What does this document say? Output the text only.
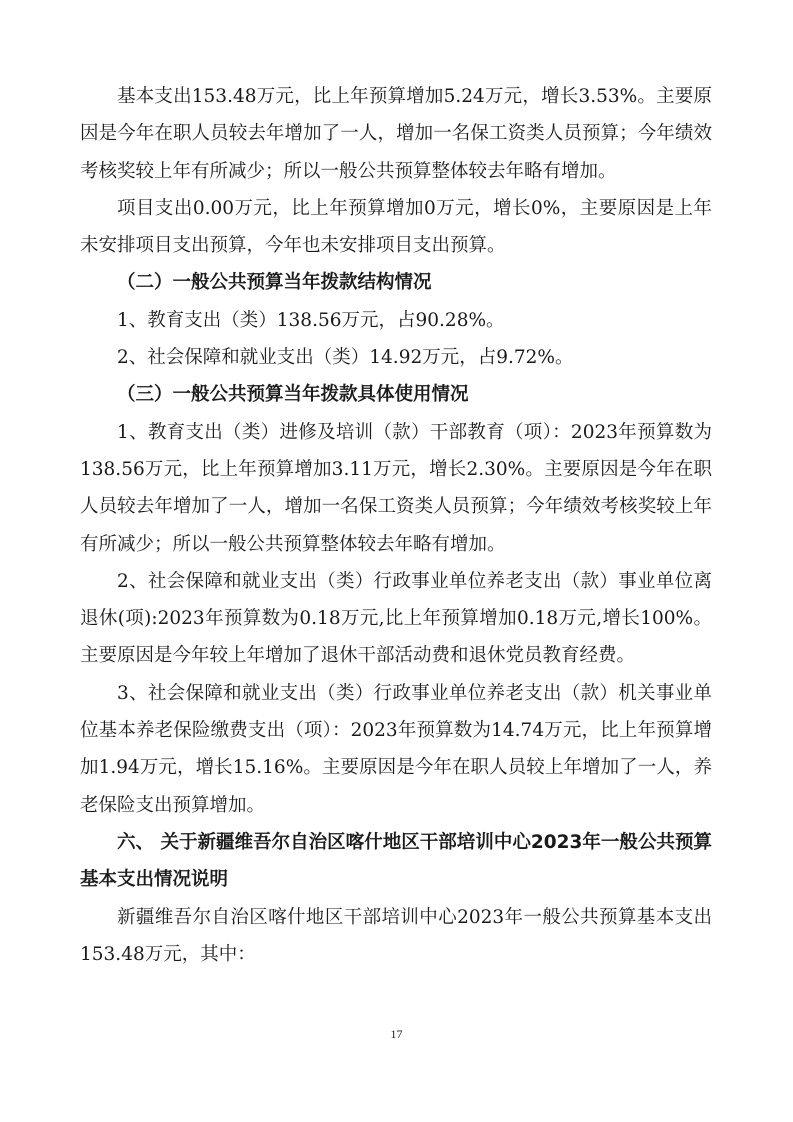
基本支出153.48万元，比上年预算增加5.24万元，增长3.53%。主要原因是今年在职人员较去年增加了一人，增加一名保工资类人员预算；今年绩效考核奖较上年有所减少；所以一般公共预算整体较去年略有增加。

项目支出0.00万元，比上年预算增加0万元，增长0%，主要原因是上年未安排项目支出预算，今年也未安排项目支出预算。

（二）一般公共预算当年拨款结构情况

1、教育支出（类）138.56万元，占90.28%。

2、社会保障和就业支出（类）14.92万元，占9.72%。

（三）一般公共预算当年拨款具体使用情况

1、教育支出（类）进修及培训（款）干部教育（项）：2023年预算数为138.56万元，比上年预算增加3.11万元，增长2.30%。主要原因是今年在职人员较去年增加了一人，增加一名保工资类人员预算；今年绩效考核奖较上年有所减少；所以一般公共预算整体较去年略有增加。

2、社会保障和就业支出（类）行政事业单位养老支出（款）事业单位离退休(项):2023年预算数为0.18万元,比上年预算增加0.18万元,增长100%。主要原因是今年较上年增加了退休干部活动费和退休党员教育经费。

3、社会保障和就业支出（类）行政事业单位养老支出（款）机关事业单位基本养老保险缴费支出（项）：2023年预算数为14.74万元，比上年预算增加1.94万元，增长15.16%。主要原因是今年在职人员较上年增加了一人，养老保险支出预算增加。

六、 关于新疆维吾尔自治区喀什地区干部培训中心2023年一般公共预算基本支出情况说明

新疆维吾尔自治区喀什地区干部培训中心2023年一般公共预算基本支出153.48万元，其中：

17
